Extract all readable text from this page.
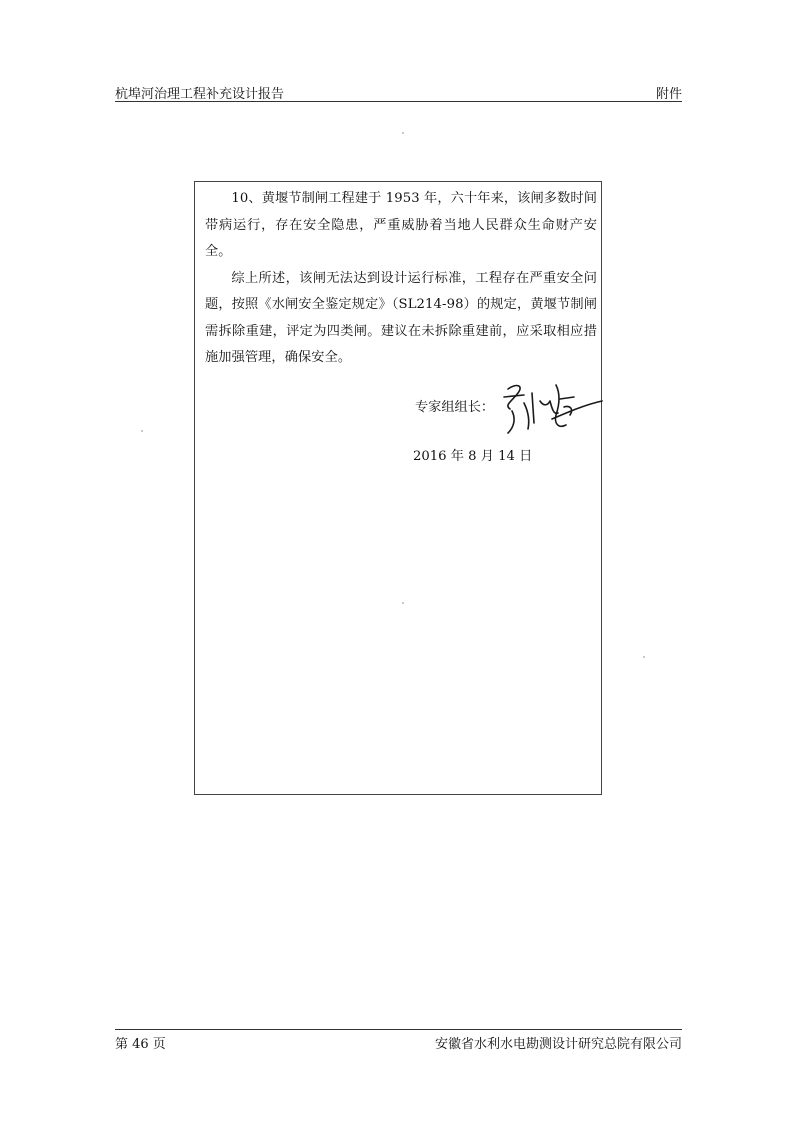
杭埠河治理工程补充设计报告	附件

10、黄堰节制闸工程建于 1953 年，六十年来，该闸多数时间带病运行，存在安全隐患，严重威胁着当地人民群众生命财产安全。

综上所述，该闸无法达到设计运行标准，工程存在严重安全问题，按照《水闸安全鉴定规定》（SL214-98）的规定，黄堰节制闸需拆除重建，评定为四类闸。建议在未拆除重建前，应采取相应措施加强管理，确保安全。

专家组组长：
2016 年 8 月 14 日
第 46 页	安徽省水利水电勘测设计研究总院有限公司
